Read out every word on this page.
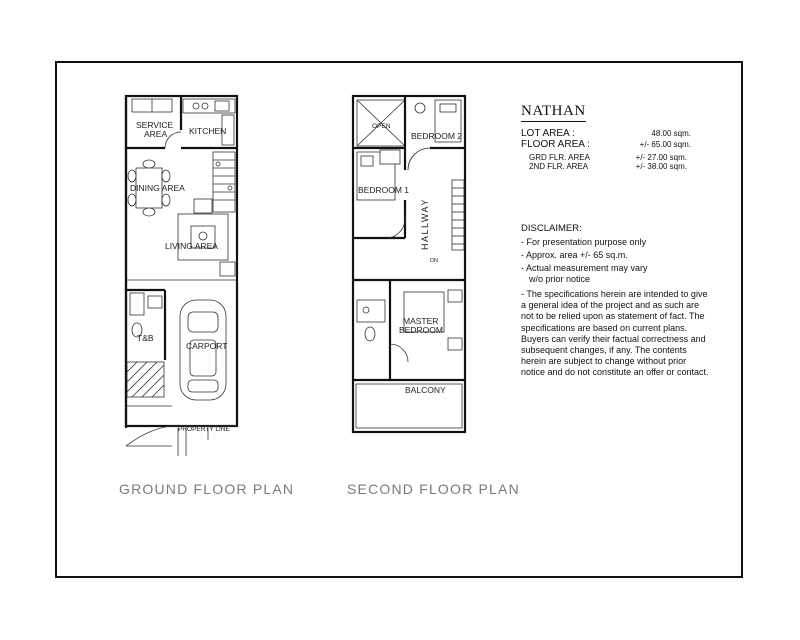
SERVICE
AREA	KITCHEN
DINING AREA
LIVING AREA
T&B
CARPORT
PROPERTY LINE
OPEN
BEDROOM 2
BEDROOM 1
HALLWAY
DN
MASTER
BEDROOM
BALCONY
GROUND FLOOR PLAN	SECOND FLOOR PLAN
NATHAN
LOT AREA :	48.00 sqm.
FLOOR AREA :	+/- 65.00 sqm.
GRD FLR. AREA	+/- 27.00 sqm.
2ND FLR. AREA	+/- 38.00 sqm.
DISCLAIMER:
- For presentation purpose only
- Approx. area +/- 65 sq.m.
- Actual measurement may vary
w/o prior notice
- The specifications herein are intended to give a general idea of the project and as such are not to be relied upon as statement of fact. The specifications are based on current plans. Buyers can verify their factual correctness and subsequent changes, if any. The contents herein are subject to change without prior notice and do not constitute an offer or contact.
